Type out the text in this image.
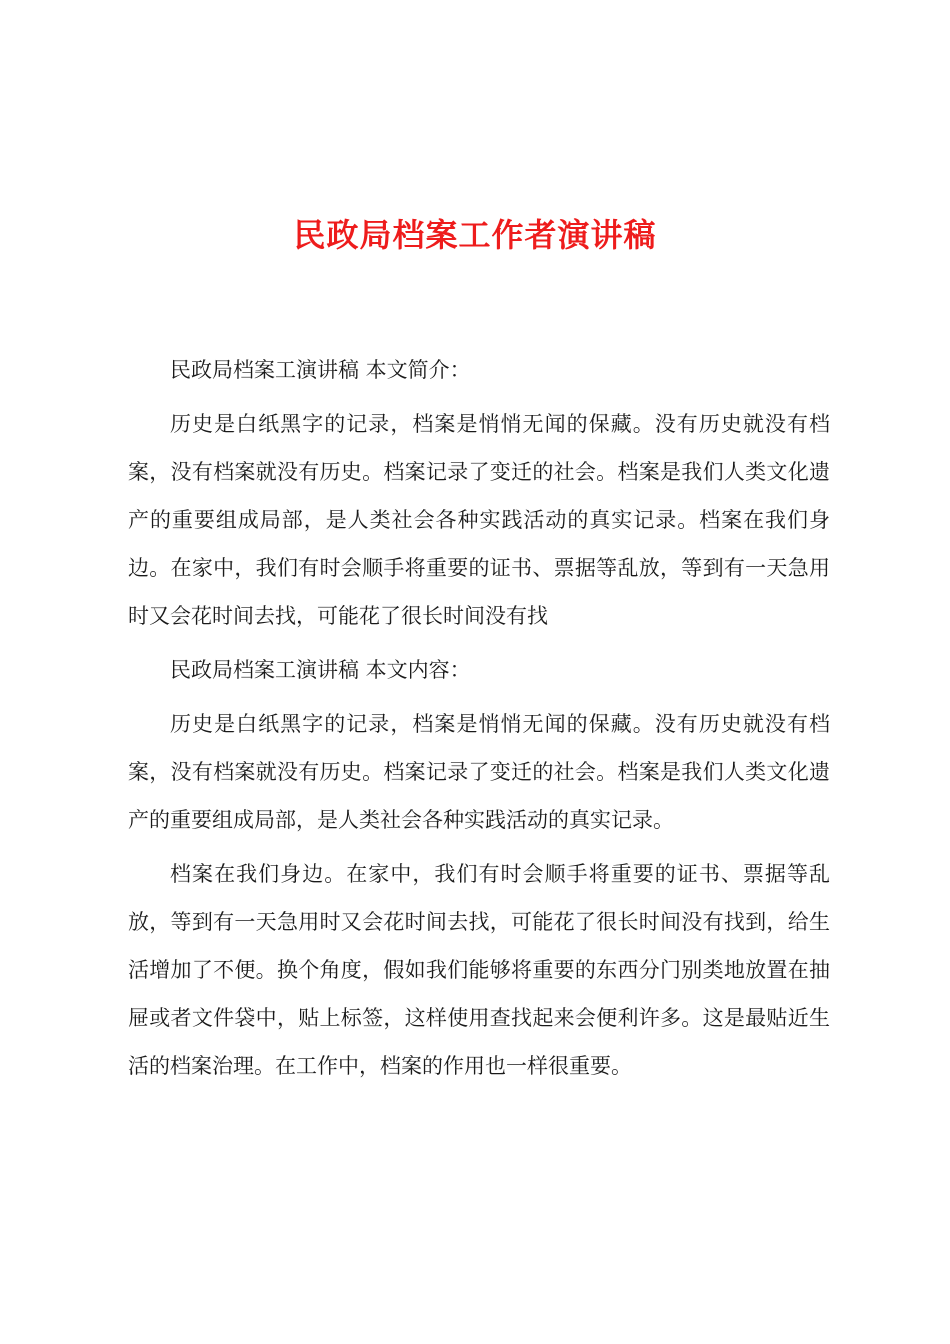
民政局档案工作者演讲稿

民政局档案工演讲稿 本文简介：

历史是白纸黑字的记录，档案是悄悄无闻的保藏。没有历史就没有档案，没有档案就没有历史。档案记录了变迁的社会。档案是我们人类文化遗产的重要组成局部，是人类社会各种实践活动的真实记录。档案在我们身边。在家中，我们有时会顺手将重要的证书、票据等乱放，等到有一天急用时又会花时间去找，可能花了很长时间没有找

民政局档案工演讲稿 本文内容：

历史是白纸黑字的记录，档案是悄悄无闻的保藏。没有历史就没有档案，没有档案就没有历史。档案记录了变迁的社会。档案是我们人类文化遗产的重要组成局部，是人类社会各种实践活动的真实记录。

档案在我们身边。在家中，我们有时会顺手将重要的证书、票据等乱放，等到有一天急用时又会花时间去找，可能花了很长时间没有找到，给生活增加了不便。换个角度，假如我们能够将重要的东西分门别类地放置在抽屉或者文件袋中，贴上标签，这样使用查找起来会便利许多。这是最贴近生活的档案治理。在工作中，档案的作用也一样很重要。
